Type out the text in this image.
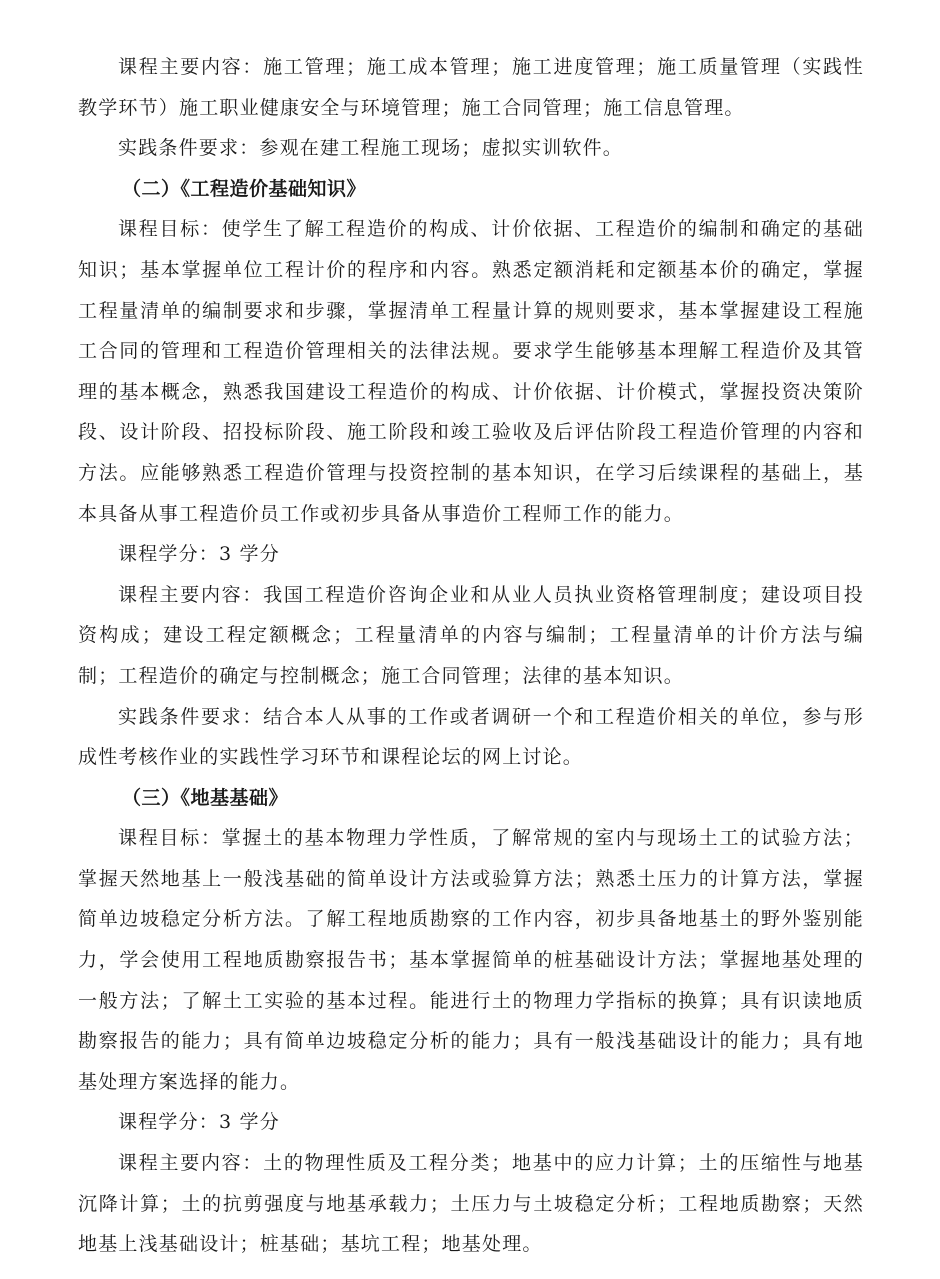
课程主要内容：施工管理；施工成本管理；施工进度管理；施工质量管理（实践性教学环节）施工职业健康安全与环境管理；施工合同管理；施工信息管理。

实践条件要求：参观在建工程施工现场；虚拟实训软件。

（二）《工程造价基础知识》

课程目标：使学生了解工程造价的构成、计价依据、工程造价的编制和确定的基础知识；基本掌握单位工程计价的程序和内容。熟悉定额消耗和定额基本价的确定，掌握工程量清单的编制要求和步骤，掌握清单工程量计算的规则要求，基本掌握建设工程施工合同的管理和工程造价管理相关的法律法规。要求学生能够基本理解工程造价及其管理的基本概念，熟悉我国建设工程造价的构成、计价依据、计价模式，掌握投资决策阶段、设计阶段、招投标阶段、施工阶段和竣工验收及后评估阶段工程造价管理的内容和方法。应能够熟悉工程造价管理与投资控制的基本知识，在学习后续课程的基础上，基本具备从事工程造价员工作或初步具备从事造价工程师工作的能力。

课程学分：3 学分

课程主要内容：我国工程造价咨询企业和从业人员执业资格管理制度；建设项目投资构成；建设工程定额概念；工程量清单的内容与编制；工程量清单的计价方法与编制；工程造价的确定与控制概念；施工合同管理；法律的基本知识。

实践条件要求：结合本人从事的工作或者调研一个和工程造价相关的单位，参与形成性考核作业的实践性学习环节和课程论坛的网上讨论。

（三）《地基基础》

课程目标：掌握土的基本物理力学性质，了解常规的室内与现场土工的试验方法；掌握天然地基上一般浅基础的简单设计方法或验算方法；熟悉土压力的计算方法，掌握简单边坡稳定分析方法。了解工程地质勘察的工作内容，初步具备地基土的野外鉴别能力，学会使用工程地质勘察报告书；基本掌握简单的桩基础设计方法；掌握地基处理的一般方法；了解土工实验的基本过程。能进行土的物理力学指标的换算；具有识读地质勘察报告的能力；具有简单边坡稳定分析的能力；具有一般浅基础设计的能力；具有地基处理方案选择的能力。

课程学分：3 学分

课程主要内容：土的物理性质及工程分类；地基中的应力计算；土的压缩性与地基沉降计算；土的抗剪强度与地基承载力；土压力与土坡稳定分析；工程地质勘察；天然地基上浅基础设计；桩基础；基坑工程；地基处理。
